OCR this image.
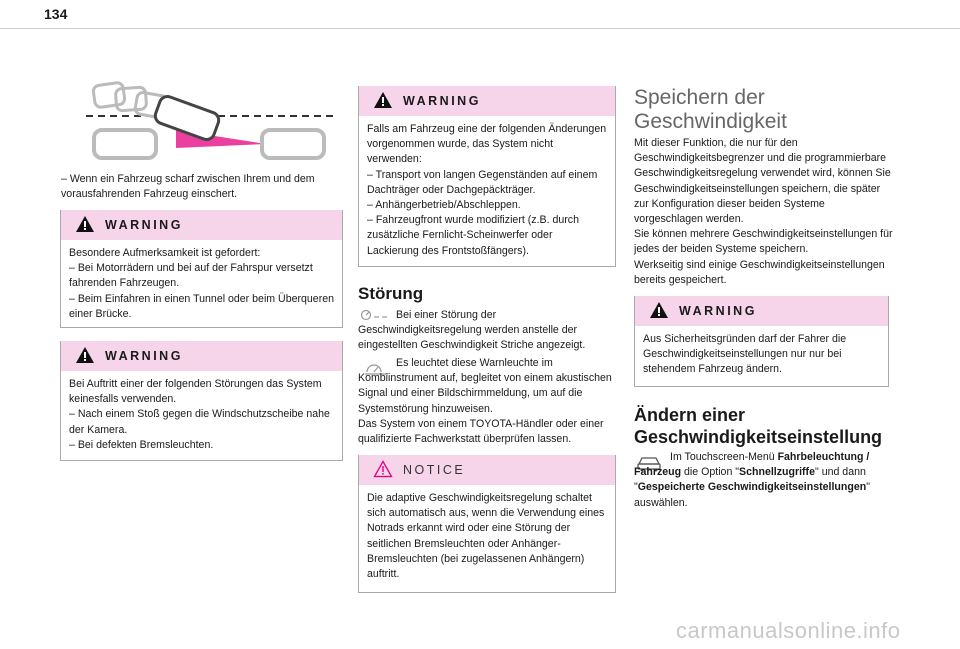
134

– Wenn ein Fahrzeug scharf zwischen Ihrem und dem vorausfahrenden Fahrzeug einschert.

WARNING
Besondere Aufmerksamkeit ist gefordert:
– Bei Motorrädern und bei auf der Fahrspur versetzt fahrenden Fahrzeugen.
– Beim Einfahren in einen Tunnel oder beim Überqueren einer Brücke.
WARNING
Bei Auftritt einer der folgenden Störungen das System keinesfalls verwenden.
– Nach einem Stoß gegen die Windschutzscheibe nahe der Kamera.
– Bei defekten Bremsleuchten.
WARNING
Falls am Fahrzeug eine der folgenden Änderungen vorgenommen wurde, das System nicht verwenden:
– Transport von langen Gegenständen auf einem Dachträger oder Dachgepäckträger.
– Anhängerbetrieb/Abschleppen.
– Fahrzeugfront wurde modifiziert (z.B. durch zusätzliche Fernlicht-Scheinwerfer oder Lackierung des Frontstoßfängers).
Störung

Bei einer Störung der Geschwindigkeitsregelung werden anstelle der eingestellten Geschwindigkeit Striche angezeigt.

Es leuchtet diese Warnleuchte im Kombiinstrument auf, begleitet von einem akustischen Signal und einer Bildschirmmeldung, um auf die Systemstörung hinzuweisen.

Das System von einem TOYOTA-Händler oder einer qualifizierte Fachwerkstatt überprüfen lassen.

NOTICE
Die adaptive Geschwindigkeitsregelung schaltet sich automatisch aus, wenn die Verwendung eines Notrads erkannt wird oder eine Störung der seitlichen Bremsleuchten oder Anhänger-Bremsleuchten (bei zugelassenen Anhängern) auftritt.
Speichern der Geschwindigkeit

Mit dieser Funktion, die nur für den Geschwindigkeitsbegrenzer und die programmierbare Geschwindigkeitsregelung verwendet wird, können Sie Geschwindigkeitseinstellungen speichern, die später zur Konfiguration dieser beiden Systeme vorgeschlagen werden.
Sie können mehrere Geschwindigkeitseinstellungen für jedes der beiden Systeme speichern.
Werkseitig sind einige Geschwindigkeitseinstellungen bereits gespeichert.

WARNING
Aus Sicherheitsgründen darf der Fahrer die Geschwindigkeitseinstellungen nur nur bei stehendem Fahrzeug ändern.
Ändern einer Geschwindigkeitseinstellung

Im Touchscreen-Menü Fahrbeleuchtung / Fahrzeug die Option "Schnellzugriffe" und dann "Gespeicherte Geschwindigkeitseinstellungen" auswählen.

carmanualsonline.info
